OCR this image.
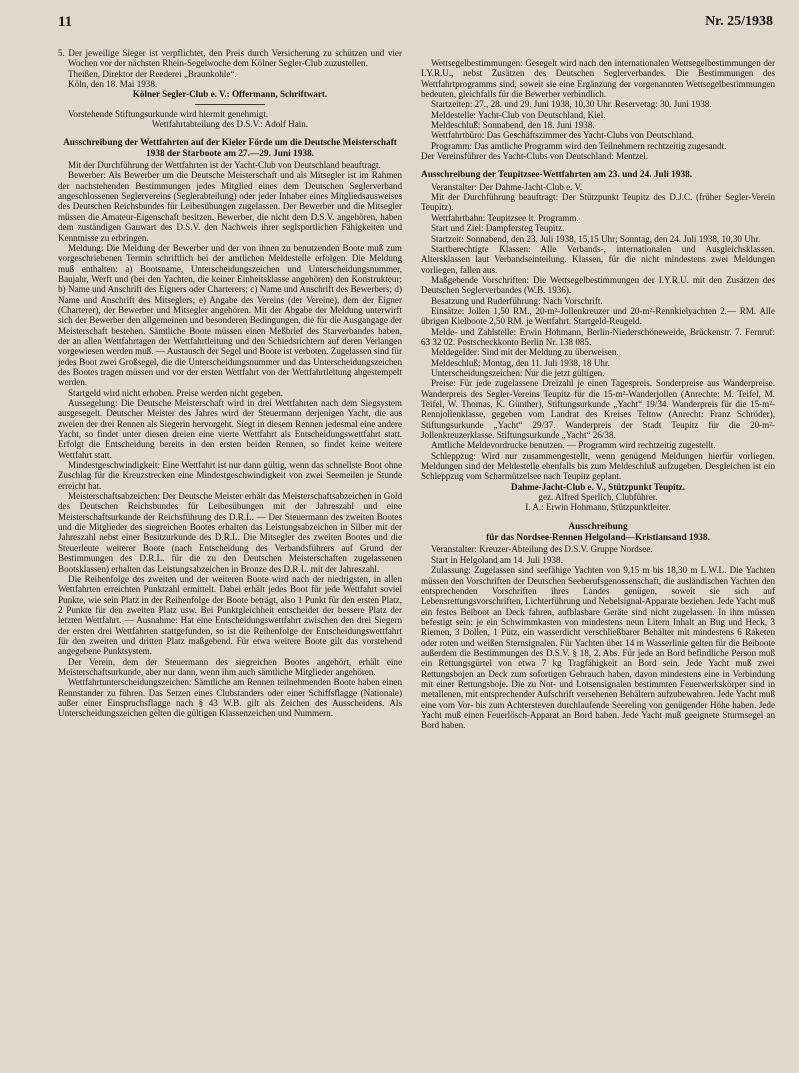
11	Nr. 25/1938

5. Der jeweilige Sieger ist verpflichtet, den Preis durch Versicherung zu schützen und vier Wochen vor der nächsten Rhein-Segelwoche dem Kölner Segler-Club zuzustellen.

Theißen, Direktor der Reederei „Braunkohle“.

Köln, den 18. Mai 1938.

Kölner Segler-Club e. V.: Offermann, Schriftwart.

Vorstehende Stiftungsurkunde wird hiermit genehmigt.

Wettfahrtabteilung des D.S.V.: Adolf Hain.

Ausschreibung der Wettfahrten auf der Kieler Förde um die Deutsche Meisterschaft 1938 der Starboote am 27.—29. Juni 1938.

Mit der Durchführung der Wettfahrten ist der Yacht-Club von Deutschland beauftragt.

Bewerber: Als Bewerber um die Deutsche Meisterschaft und als Mitsegler ist im Rahmen der nachstehenden Bestimmungen jedes Mitglied eines dem Deutschen Seglerverband angeschlossenen Seglervereins (Seglerabteilung) oder jeder Inhaber eines Mitgliedsausweises des Deutschen Reichsbundes für Leibesübungen zugelassen. Der Bewerber und die Mitsegler müssen die Amateur-Eigenschaft besitzen. Bewerber, die nicht dem D.S.V. angehören, haben dem zuständigen Gauwart des D.S.V. den Nachweis ihrer seglsportlichen Fähigkeiten und Kenntnisse zu erbringen.

Meldung: Die Meldung der Bewerber und der von ihnen zu benutzenden Boote muß zum vorgeschriebenen Termin schriftlich bei der amtlichen Meldestelle erfolgen. Die Meldung muß enthalten: a) Bootsname, Unterscheidungszeichen und Unterscheidungsnummer, Baujahr, Werft und (bei den Yachten, die keiner Einheitsklasse angehören) den Konstrukteur; b) Name und Anschrift des Eigners oder Charterers; c) Name und Anschrift des Bewerbers; d) Name und Anschrift des Mitseglers; e) Angabe des Vereins (der Vereine), dem der Eigner (Charterer), der Bewerber und Mitsegler angehören. Mit der Abgabe der Meldung unterwirft sich der Bewerber den allgemeinen und besonderen Bedingungen, die für die Ausgangage der Meisterschaft bestehen. Sämtliche Boote müssen einen Meßbrief des Starverbandes haben, der an allen Wettfahrtagen der Wettfahrtleitung und den Schiedsrichtern auf deren Verlangen vorgewiesen werden muß. — Austausch der Segel und Boote ist verboten. Zugelassen sind für jedes Boot zwei Großsegel, die die Unterscheidungsnummer und das Unterscheidungszeichen des Bootes tragen müssen und vor der ersten Wettfahrt von der Wettfahrtleitung abgestempelt werden.

Startgeld wird nicht erhoben. Preise werden nicht gegeben.

Aussegelung: Die Deutsche Meisterschaft wird in drei Wettfahrten nach dem Siegsystem ausgesegelt. Deutscher Meister des Jahres wird der Steuermann derjenigen Yacht, die aus zweien der drei Rennen als Siegerin hervorgeht. Siegt in diesem Rennen jedesmal eine andere Yacht, so findet unter diesen dreien eine vierte Wettfahrt als Entscheidungswettfahrt statt. Erfolgt die Entscheidung bereits in den ersten beiden Rennen, so findet keine weitere Wettfahrt statt.

Mindestgeschwindigkeit: Eine Wettfahrt ist nur dann gültig, wenn das schnellste Boot ohne Zuschlag für die Kreuzstrecken eine Mindestgeschwindigkeit von zwei Seemeilen je Stunde erreicht hat.

Meisterschaftsabzeichen: Der Deutsche Meister erhält das Meisterschaftsabzeichen in Gold des Deutschen Reichsbundes für Leibesübungen mit der Jahreszahl und eine Meisterschaftsurkunde der Reichsführung des D.R.L. — Der Steuermann des zweiten Bootes und die Mitglieder des siegreichen Bootes erhalten das Leistungsabzeichen in Silber mit der Jahreszahl nebst einer Besitzurkunde des D.R.L. Die Mitsegler des zweiten Bootes und die Steuerleute weiterer Boote (nach Entscheidung des Verbandsführers auf Grund der Bestimmungen des D.R.L. für die zu den Deutschen Meisterschaften zugelassenen Bootsklassen) erhalten das Leistungsabzeichen in Bronze des D.R.L. mit der Jahreszahl.

Die Reihenfolge des zweiten und der weiteren Boote wird nach der niedrigsten, in allen Wettfahrten erreichten Punktzahl ermittelt. Dabei erhält jedes Boot für jede Wettfahrt soviel Punkte, wie sein Platz in der Reihenfolge der Boote beträgt, also 1 Punkt für den ersten Platz, 2 Punkte für den zweiten Platz usw. Bei Punktgleichheit entscheidet der bessere Platz der letzten Wettfahrt. — Ausnahme: Hat eine Entscheidungswettfahrt zwischen den drei Siegern der ersten drei Wettfahrten stattgefunden, so ist die Reihenfolge der Entscheidungswettfahrt für den zweiten und dritten Platz maßgebend. Für etwa weitere Boote gilt das vorstehend angegebene Punktsystem.

Der Verein, dem der Steuermann des siegreichen Bootes angehört, erhält eine Meisterschaftsurkunde, aber nur dann, wenn ihm auch sämtliche Mitglieder angehören.

Wettfahrtunterscheidungszeichen: Sämtliche am Rennen teilnehmenden Boote haben einen Rennstander zu führen. Das Setzen eines Clubstanders oder einer Schiffsflagge (Nationale) außer einer Einspruchsflagge nach § 43 W.B. gilt als Zeichen des Ausscheidens. Als Unterscheidungszeichen gelten die gültigen Klassenzeichen und Nummern.

Wettsegelbestimmungen: Gesegelt wird nach den internationalen Wettsegelbestimmungen der I.Y.R.U., nebst Zusätzen des Deutschen Seglerverbandes. Die Bestimmungen des Wettfahrtprogramms sind, soweit sie eine Ergänzung der vorgenannten Wettsegelbestimmungen bedeuten, gleichfalls für die Bewerber verbindlich.

Startzeiten: 27., 28. und 29. Juni 1938, 10,30 Uhr. Reservetag: 30. Juni 1938.

Meldestelle: Yacht-Club von Deutschland, Kiel.

Meldeschluß: Sonnabend, den 18. Juni 1938.

Wettfahrtbüro: Das Geschäftszimmer des Yacht-Clubs von Deutschland.

Programm: Das amtliche Programm wird den Teilnehmern rechtzeitig zugesandt.

Der Vereinsführer des Yacht-Clubs von Deutschland: Mentzel.

Ausschreibung der Teupitzsee-Wettfahrten am 23. und 24. Juli 1938.

Veranstalter: Der Dahme-Jacht-Club e. V.

Mit der Durchführung beauftragt: Der Stützpunkt Teupitz des D.J.C. (früher Segler-Verein Teupitz).

Wettfahrtbahn: Teupitzsee lt. Programm.

Start und Ziel: Dampfersteg Teupitz.

Startzeit: Sonnabend, den 23. Juli 1938, 15,15 Uhr; Sonntag, den 24. Juli 1938, 10,30 Uhr.

Startberechtigte Klassen: Alle Verbands-, internationalen und Ausgleichsklassen. Altersklassen laut Verbandseinteilung. Klassen, für die nicht mindestens zwei Meldungen vorliegen, fallen aus.

Maßgebende Vorschriften: Die Wettsegelbestimmungen der I.Y.R.U. mit den Zusätzen des Deutschen Seglerverbandes (W.B. 1936).

Besatzung und Ruderführung: Nach Vorschrift.

Einsätze: Jollen 1,50 RM., 20-m²-Jollenkreuzer und 20-m²-Rennkielyachten 2.— RM. Alle übrigen Kielboote 2,50 RM. je Wettfahrt. Startgeld-Reugeld.

Melde- und Zahlstelle: Erwin Hohmann, Berlin-Niederschöneweide, Brückenstr. 7. Fernruf: 63 32 02. Postscheckkonto Berlin Nr. 138 085.

Meldegelder: Sind mit der Meldung zu überweisen.

Meldeschluß: Montag, den 11. Juli 1938, 18 Uhr.

Unterscheidungszeichen: Nur die jetzt gültigen.

Preise: Für jede zugelassene Dreizahl je einen Tagespreis. Sonderpreise aus Wanderpreise. Wanderpreis des Segler-Vereins Teupitz für die 15-m²-Wanderjollen (Anrechte: M. Teifel, M. Teifel, W. Thomas, K. Günther), Stiftungsurkunde „Yacht“ 19/34. Wanderpreis für die 15-m²-Rennjollenklasse, gegeben vom Landrat des Kreises Teltow (Anrecht: Franz Schröder), Stiftungsurkunde „Yacht“ 29/37. Wanderpreis der Stadt Teupitz für die 20-m²-Jollenkreuzerklasse. Stiftungsurkunde „Yacht“ 26/38.

Amtliche Meldevordrucke benutzen. — Programm wird rechtzeitig zugestellt.

Schleppzug: Wird nur zusammengestellt, wenn genügend Meldungen hierfür vorliegen. Meldungen sind der Meldestelle ebenfalls bis zum Meldeschluß aufzugeben. Desgleichen ist ein Schleppzug vom Scharmützelsee nach Teupitz geplant.

Dahme-Jacht-Club e. V., Stützpunkt Teupitz.

gez. Alfred Sperlich, Clubführer.

I. A.: Erwin Hohmann, Stützpunktleiter.

Ausschreibung
für das Nordsee-Rennen Helgoland—Kristiansand 1938.

Veranstalter: Kreuzer-Abteilung des D.S.V. Gruppe Nordsee.

Start in Helgoland am 14. Juli 1938.

Zulassung: Zugelassen sind seefähige Yachten von 9,15 m bis 18,30 m L.W.L. Die Yachten müssen den Vorschriften der Deutschen Seeberufsgenossenschaft, die ausländischen Yachten den entsprechenden Vorschriften ihres Landes genügen, soweit sie sich auf Lebensrettungsvorschriften, Lichterführung und Nebelsignal-Apparate beziehen. Jede Yacht muß ein festes Beiboot an Deck fahren, aufblasbare Geräte sind nicht zugelassen. In ihm müssen befestigt sein: je ein Schwimmkasten von mindestens neun Litern Inhalt an Bug und Heck, 3 Riemen, 3 Dollen, 1 Pütz, ein wasserdicht verschließbarer Behälter mit mindestens 6 Raketen oder roten und weißen Sternsignalen. Für Yachten über 14 m Wasserlinie gelten für die Beiboote außerdem die Bestimmungen des D.S.V. § 18, 2. Abs. Für jede an Bord befindliche Person muß ein Rettungsgürtel von etwa 7 kg Tragfähigkeit an Bord sein. Jede Yacht muß zwei Rettungsbojen an Deck zum sofortigen Gebrauch haben, davon mindestens eine in Verbindung mit einer Rettungsboje. Die zu Not- und Lotsensignalen bestimmten Feuerwerkskörper sind in metallenen, mit entsprechender Aufschrift versehenen Behältern aufzubewahren. Jede Yacht muß eine vom Vor- bis zum Achtersteven durchlaufende Seereling von genügender Höhe haben. Jede Yacht muß einen Feuerlösch-Apparat an Bord haben. Jede Yacht muß geeignete Sturmsegel an Bord haben.
